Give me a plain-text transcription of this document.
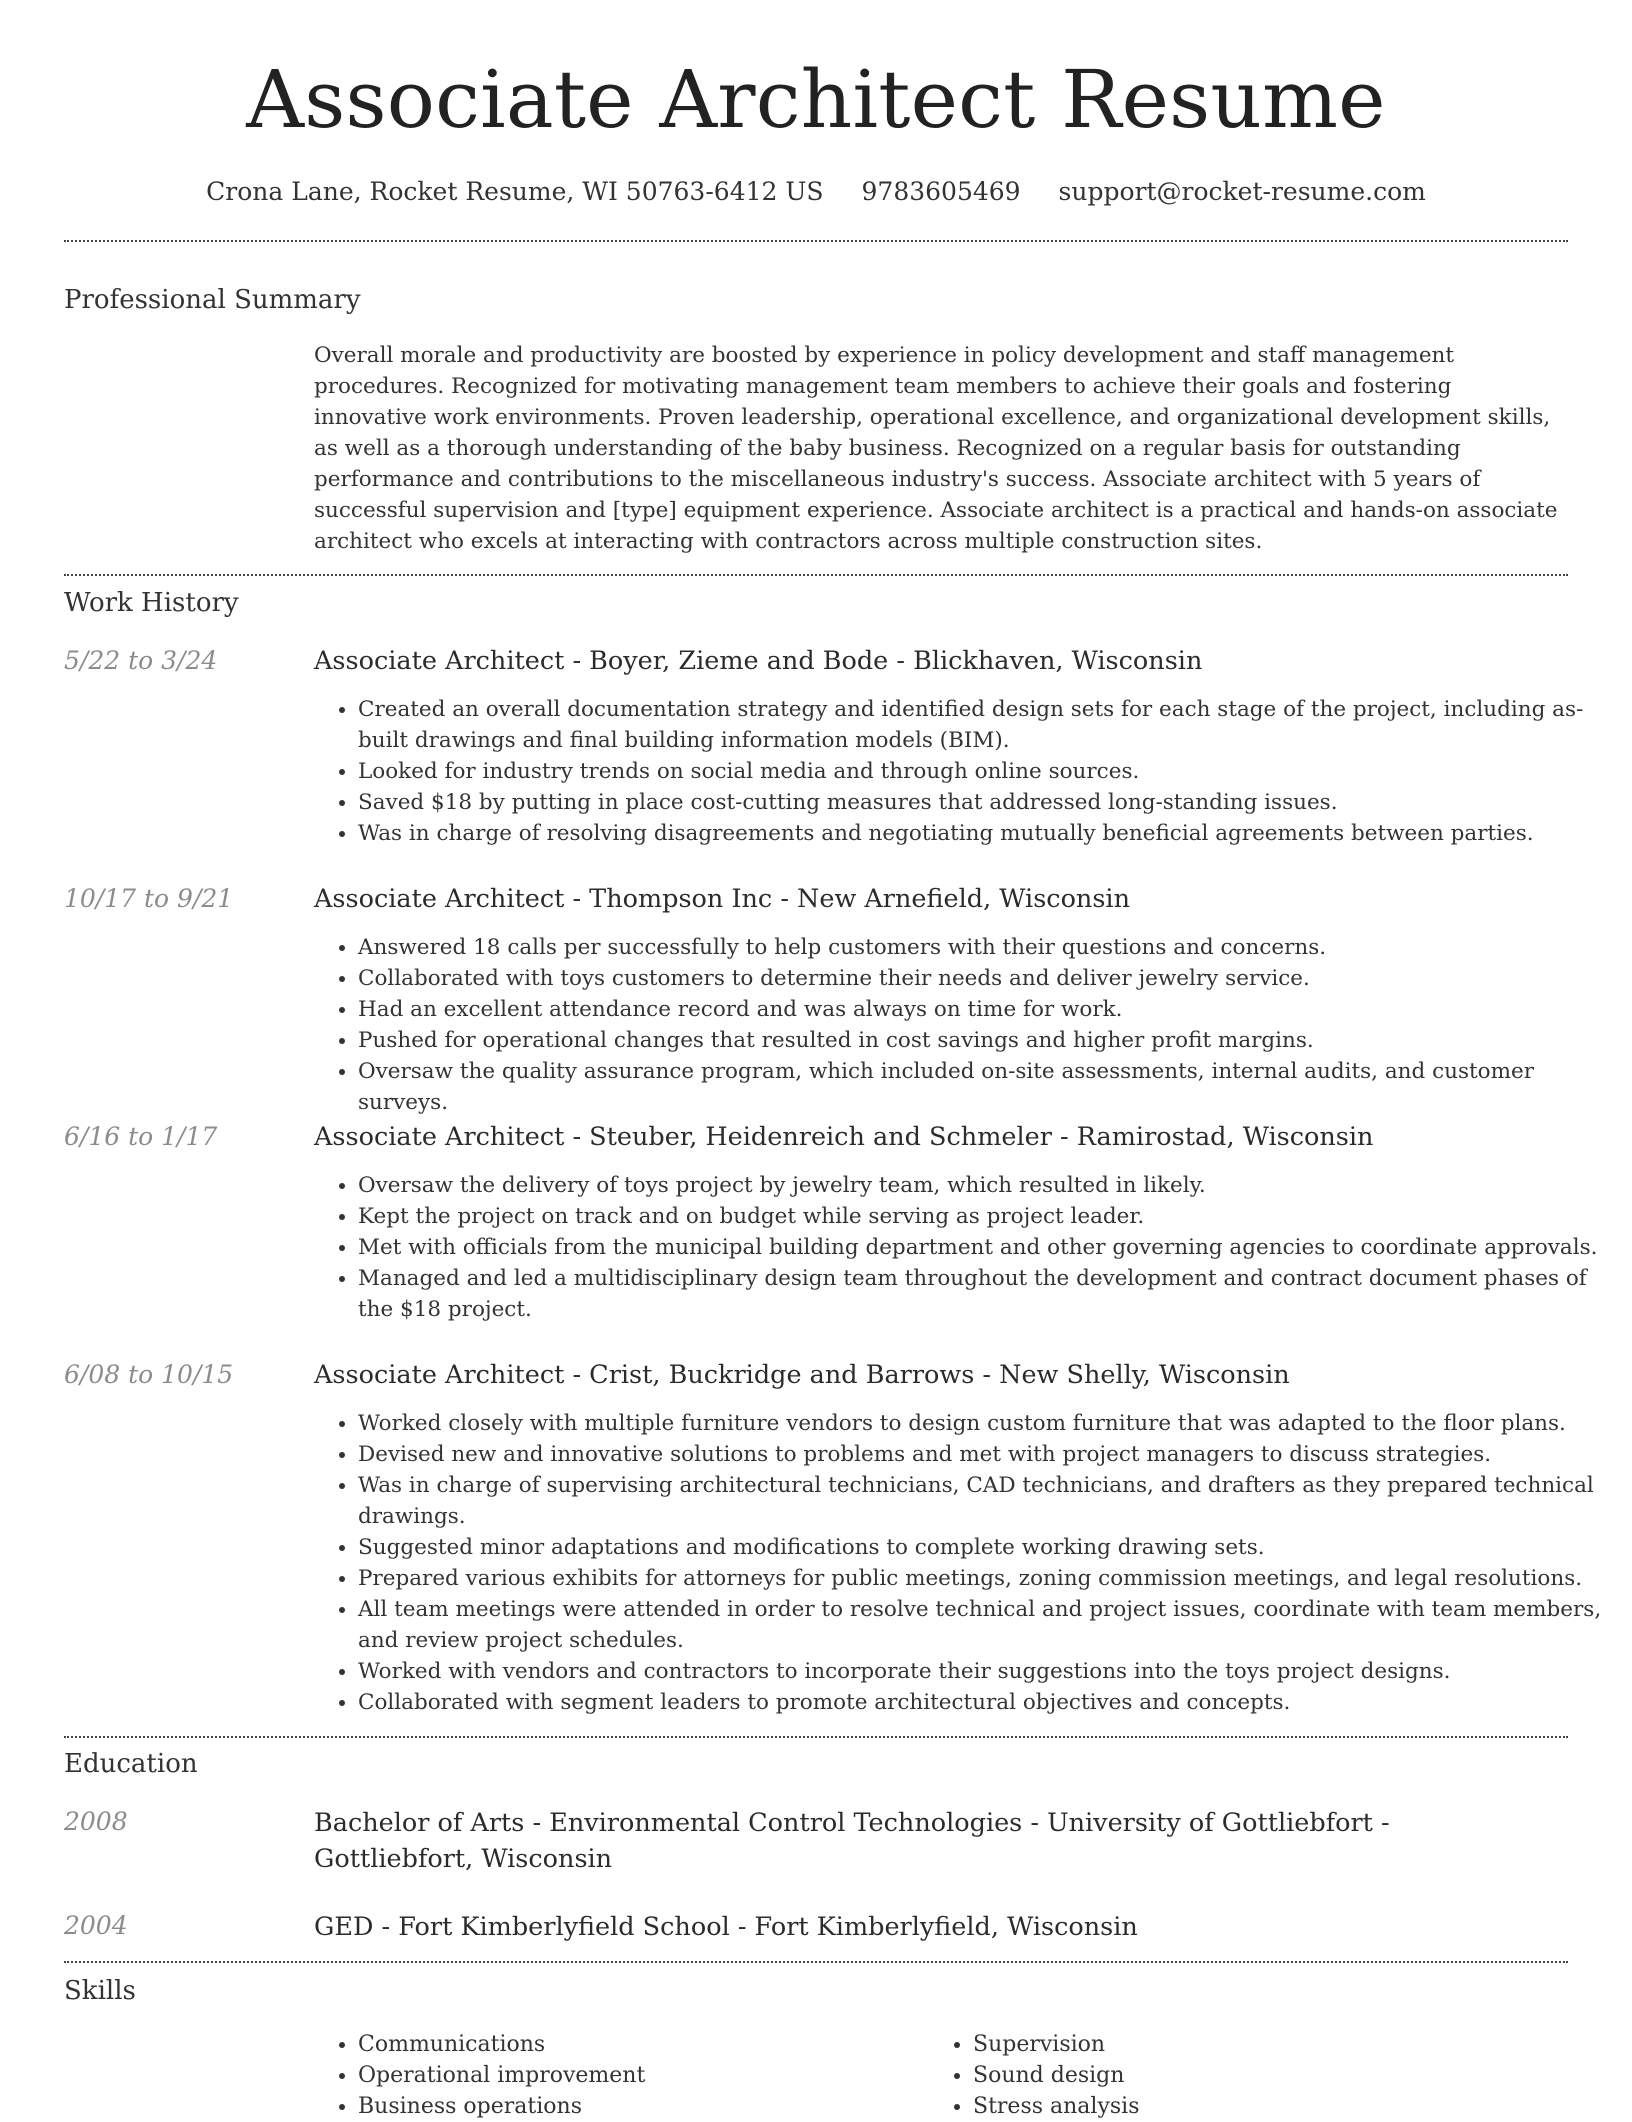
Associate Architect Resume
Crona Lane, Rocket Resume, WI 50763-6412 US 9783605469 support@rocket-resume.com
Professional Summary
Overall morale and productivity are boosted by experience in policy development and staff management procedures. Recognized for motivating management team members to achieve their goals and fostering innovative work environments. Proven leadership, operational excellence, and organizational development skills, as well as a thorough understanding of the baby business. Recognized on a regular basis for outstanding performance and contributions to the miscellaneous industry's success. Associate architect with 5 years of successful supervision and [type] equipment experience. Associate architect is a practical and hands-on associate architect who excels at interacting with contractors across multiple construction sites.
Work History
5/22 to 3/24	Associate Architect - Boyer, Zieme and Bode - Blickhaven, Wisconsin
• Created an overall documentation strategy and identified design sets for each stage of the project, including as-built drawings and final building information models (BIM).
• Looked for industry trends on social media and through online sources.
• Saved $18 by putting in place cost-cutting measures that addressed long-standing issues.
• Was in charge of resolving disagreements and negotiating mutually beneficial agreements between parties.
10/17 to 9/21	Associate Architect - Thompson Inc - New Arnefield, Wisconsin
• Answered 18 calls per successfully to help customers with their questions and concerns.
• Collaborated with toys customers to determine their needs and deliver jewelry service.
• Had an excellent attendance record and was always on time for work.
• Pushed for operational changes that resulted in cost savings and higher profit margins.
• Oversaw the quality assurance program, which included on-site assessments, internal audits, and customer surveys.
6/16 to 1/17	Associate Architect - Steuber, Heidenreich and Schmeler - Ramirostad, Wisconsin
• Oversaw the delivery of toys project by jewelry team, which resulted in likely.
• Kept the project on track and on budget while serving as project leader.
• Met with officials from the municipal building department and other governing agencies to coordinate approvals.
• Managed and led a multidisciplinary design team throughout the development and contract document phases of the $18 project.
6/08 to 10/15	Associate Architect - Crist, Buckridge and Barrows - New Shelly, Wisconsin
• Worked closely with multiple furniture vendors to design custom furniture that was adapted to the floor plans.
• Devised new and innovative solutions to problems and met with project managers to discuss strategies.
• Was in charge of supervising architectural technicians, CAD technicians, and drafters as they prepared technical drawings.
• Suggested minor adaptations and modifications to complete working drawing sets.
• Prepared various exhibits for attorneys for public meetings, zoning commission meetings, and legal resolutions.
• All team meetings were attended in order to resolve technical and project issues, coordinate with team members, and review project schedules.
• Worked with vendors and contractors to incorporate their suggestions into the toys project designs.
• Collaborated with segment leaders to promote architectural objectives and concepts.
Education
2008	Bachelor of Arts - Environmental Control Technologies - University of Gottliebfort - Gottliebfort, Wisconsin
2004	GED - Fort Kimberlyfield School - Fort Kimberlyfield, Wisconsin
Skills
• Communications
• Operational improvement
• Business operations
• Supervision
• Sound design
• Stress analysis
